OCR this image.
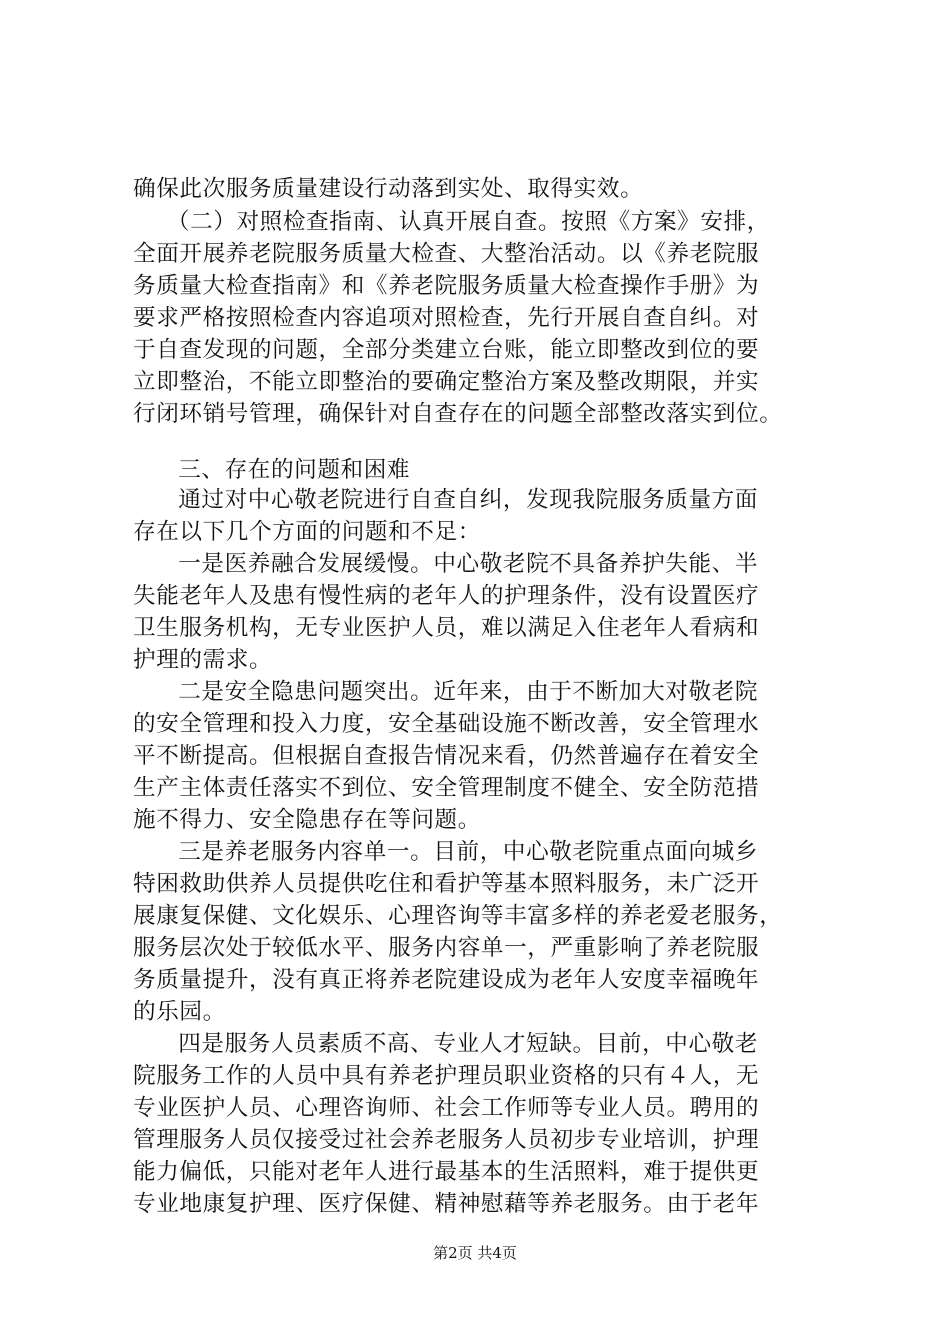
确保此次服务质量建设行动落到实处、取得实效。
　（二）对照检查指南、认真开展自查。按照《方案》安排，
全面开展养老院服务质量大检查、大整治活动。以《养老院服
务质量大检查指南》和《养老院服务质量大检查操作手册》为
要求严格按照检查内容追项对照检查，先行开展自查自纠。对
于自查发现的问题，全部分类建立台账，能立即整改到位的要
立即整治，不能立即整治的要确定整治方案及整改期限，并实
行闭环销号管理，确保针对自查存在的问题全部整改落实到位。
　三、存在的问题和困难
　通过对中心敬老院进行自查自纠，发现我院服务质量方面
存在以下几个方面的问题和不足：
　一是医养融合发展缓慢。中心敬老院不具备养护失能、半
失能老年人及患有慢性病的老年人的护理条件，没有设置医疗
卫生服务机构，无专业医护人员，难以满足入住老年人看病和
护理的需求。
　二是安全隐患问题突出。近年来，由于不断加大对敬老院
的安全管理和投入力度，安全基础设施不断改善，安全管理水
平不断提高。但根据自查报告情况来看，仍然普遍存在着安全
生产主体责任落实不到位、安全管理制度不健全、安全防范措
施不得力、安全隐患存在等问题。
　三是养老服务内容单一。目前，中心敬老院重点面向城乡
特困救助供养人员提供吃住和看护等基本照料服务，未广泛开
展康复保健、文化娱乐、心理咨询等丰富多样的养老爱老服务，
服务层次处于较低水平、服务内容单一，严重影响了养老院服
务质量提升，没有真正将养老院建设成为老年人安度幸福晚年
的乐园。
　四是服务人员素质不高、专业人才短缺。目前，中心敬老
院服务工作的人员中具有养老护理员职业资格的只有４人，无
专业医护人员、心理咨询师、社会工作师等专业人员。聘用的
管理服务人员仅接受过社会养老服务人员初步专业培训，护理
能力偏低，只能对老年人进行最基本的生活照料，难于提供更
专业地康复护理、医疗保健、精神慰藉等养老服务。由于老年
第2页 共4页
